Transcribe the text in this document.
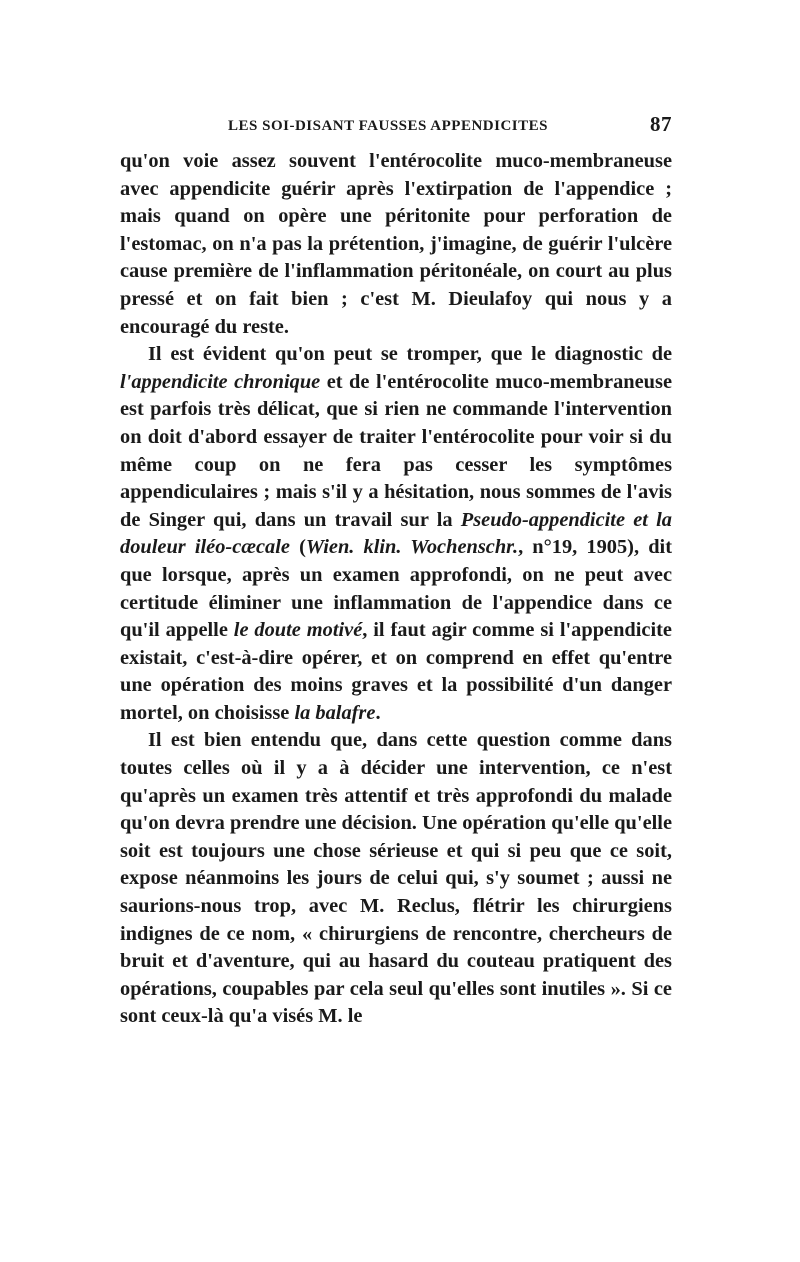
LES SOI-DISANT FAUSSES APPENDICITES	87

qu'on voie assez souvent l'entérocolite muco-membraneuse avec appendicite guérir après l'extirpation de l'appendice ; mais quand on opère une péritonite pour perforation de l'estomac, on n'a pas la prétention, j'imagine, de guérir l'ulcère cause première de l'inflammation péritonéale, on court au plus pressé et on fait bien ; c'est M. Dieulafoy qui nous y a encouragé du reste.

Il est évident qu'on peut se tromper, que le diagnostic de l'appendicite chronique et de l'entérocolite muco-membraneuse est parfois très délicat, que si rien ne commande l'intervention on doit d'abord essayer de traiter l'entérocolite pour voir si du même coup on ne fera pas cesser les symptômes appendiculaires ; mais s'il y a hésitation, nous sommes de l'avis de Singer qui, dans un travail sur la Pseudo-appendicite et la douleur iléo-cæcale (Wien. klin. Wochenschr., n°19, 1905), dit que lorsque, après un examen approfondi, on ne peut avec certitude éliminer une inflammation de l'appendice dans ce qu'il appelle le doute motivé, il faut agir comme si l'appendicite existait, c'est-à-dire opérer, et on comprend en effet qu'entre une opération des moins graves et la possibilité d'un danger mortel, on choisisse la balafre.

Il est bien entendu que, dans cette question comme dans toutes celles où il y a à décider une intervention, ce n'est qu'après un examen très attentif et très approfondi du malade qu'on devra prendre une décision. Une opération qu'elle qu'elle soit est toujours une chose sérieuse et qui si peu que ce soit, expose néanmoins les jours de celui qui, s'y soumet ; aussi ne saurions-nous trop, avec M. Reclus, flétrir les chirurgiens indignes de ce nom, « chirurgiens de rencontre, chercheurs de bruit et d'aventure, qui au hasard du couteau pratiquent des opérations, coupables par cela seul qu'elles sont inutiles ». Si ce sont ceux-là qu'a visés M. le
